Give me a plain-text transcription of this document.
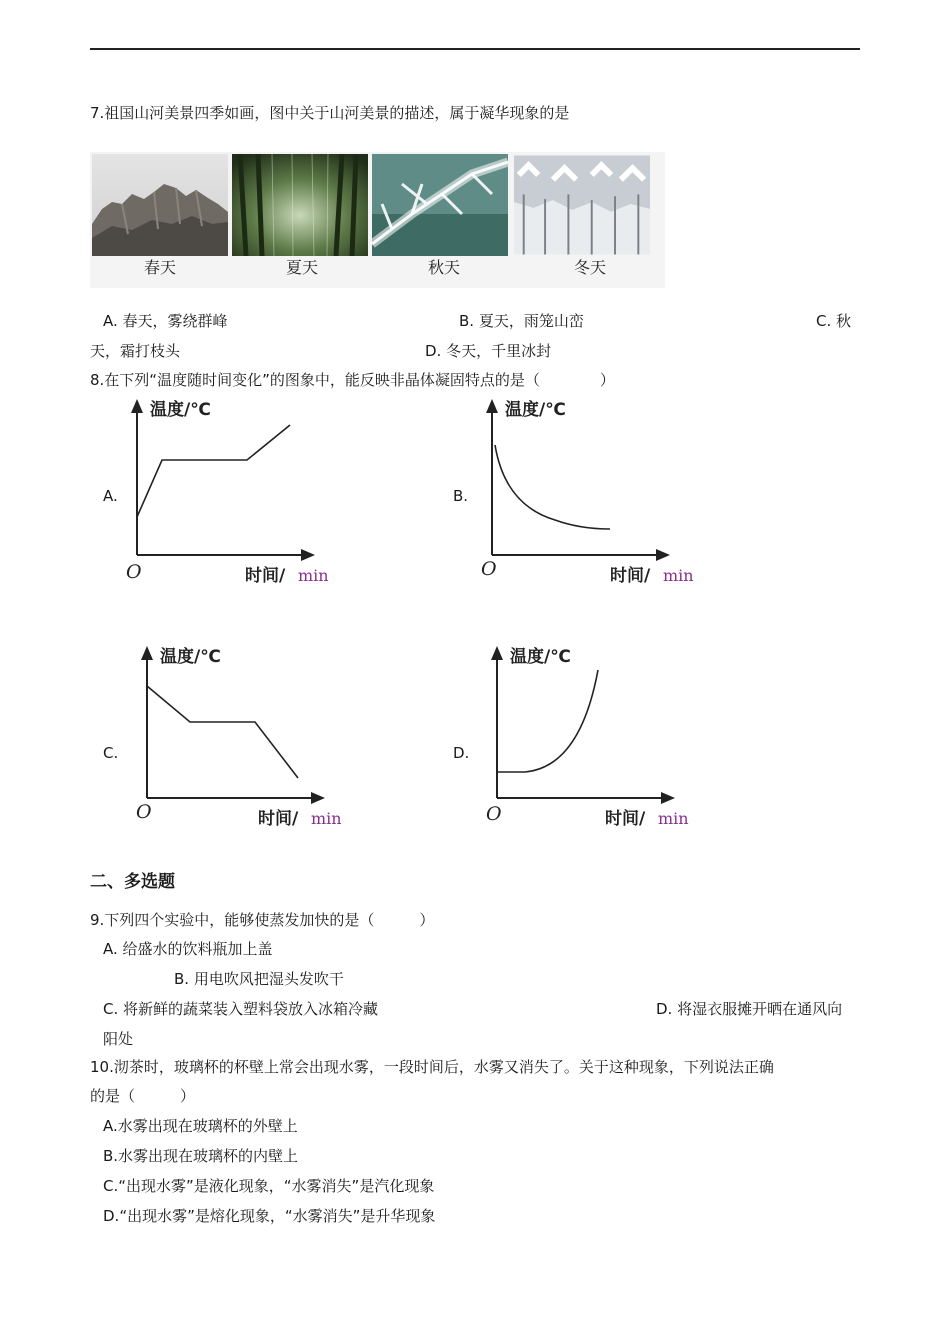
7.祖国山河美景四季如画，图中关于山河美景的描述，属于凝华现象的是
春天	夏天	秋天	冬天
A. 春天，雾绕群峰	B. 夏天，雨笼山峦	C. 秋
天，霜打枝头	D. 冬天，千里冰封
8.在下列“温度随时间变化”的图象中，能反映非晶体凝固特点的是（　　　　）
A.	B.
C.	D.
温度/℃
O	时间/ min
温度/℃
O	时间/ min
温度/℃
O	时间/ min
温度/℃
O	时间/ min
二、多选题
9.下列四个实验中，能够使蒸发加快的是（　　　）
A. 给盛水的饮料瓶加上盖
B. 用电吹风把湿头发吹干
C. 将新鲜的蔬菜装入塑料袋放入冰箱冷藏	D. 将湿衣服摊开晒在通风向
阳处
10.沏茶时，玻璃杯的杯壁上常会出现水雾，一段时间后，水雾又消失了。关于这种现象，下列说法正确
的是（　　　）
A.水雾出现在玻璃杯的外壁上
B.水雾出现在玻璃杯的内壁上
C.“出现水雾”是液化现象，“水雾消失”是汽化现象
D.“出现水雾”是熔化现象，“水雾消失”是升华现象
